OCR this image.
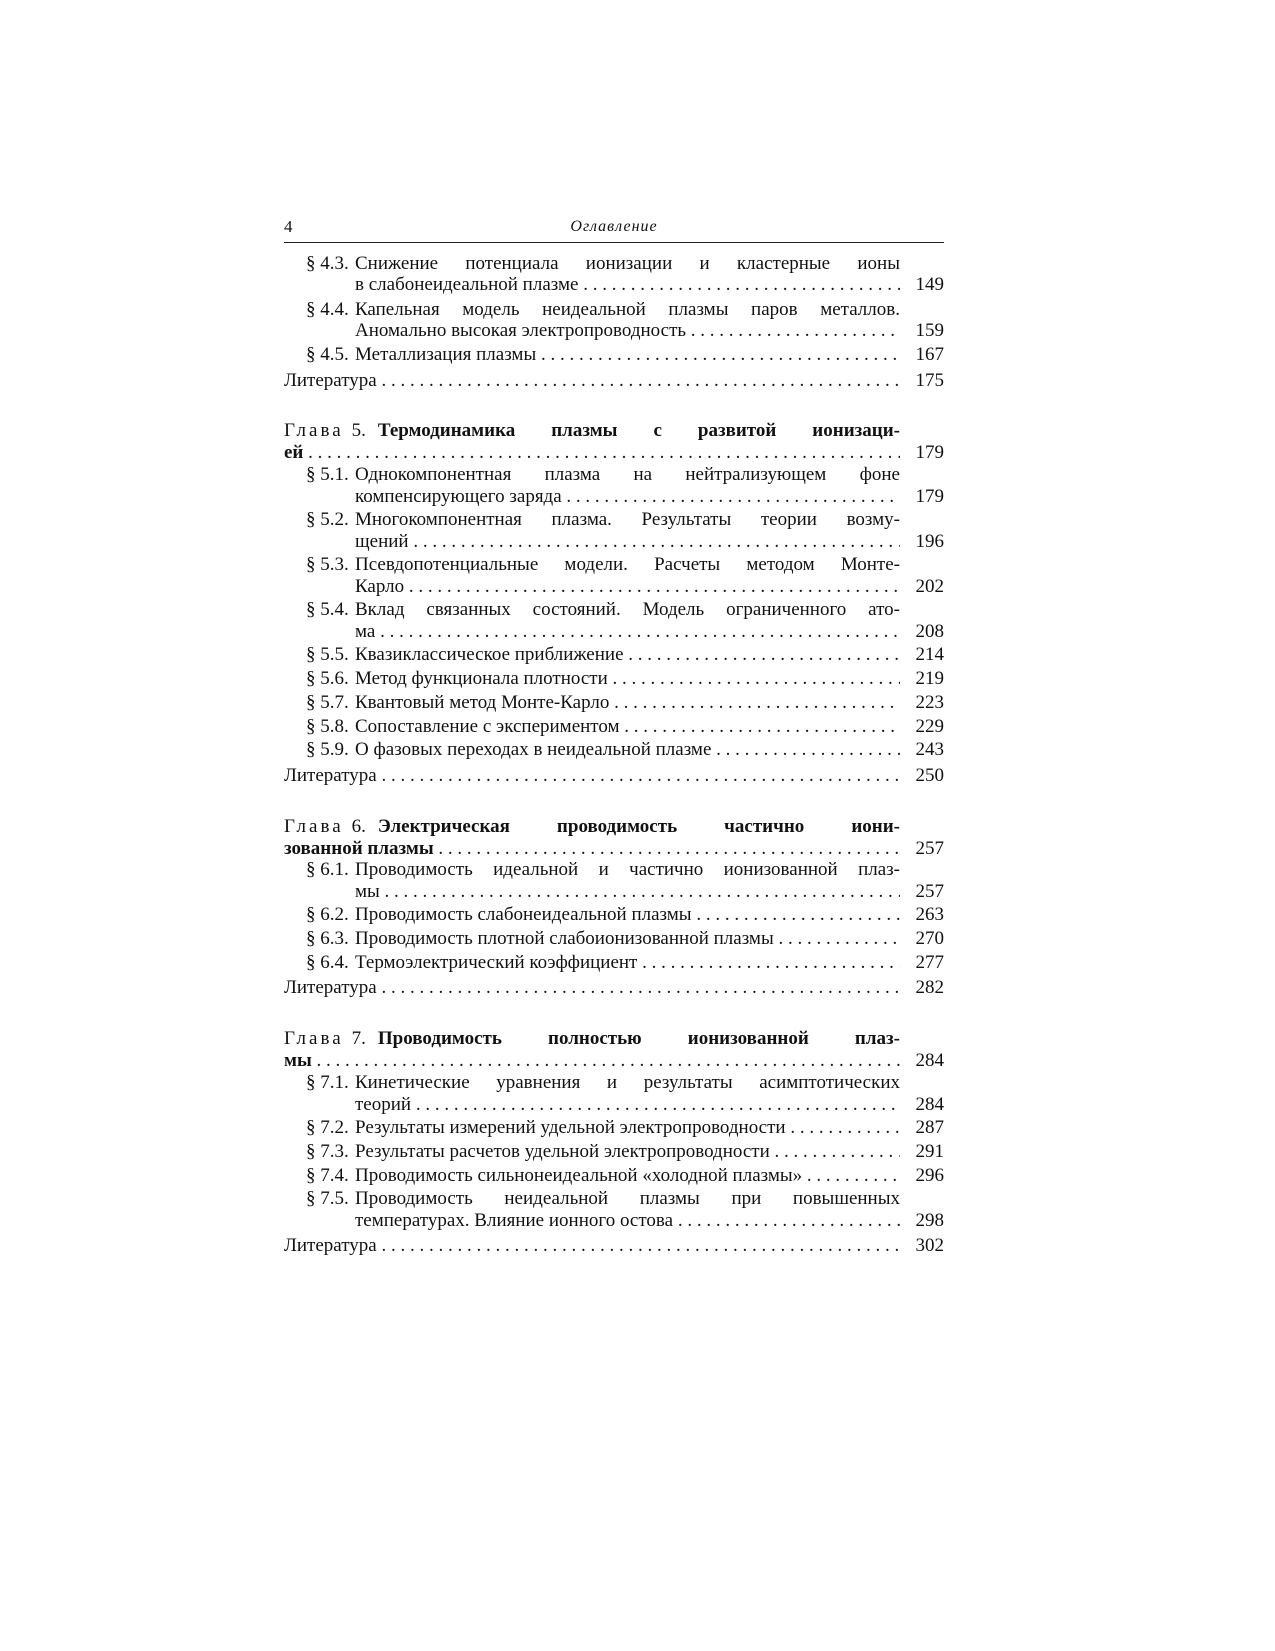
4	Оглавление
§ 4.3. Снижение потенциала ионизации и кластерные ионы
в слабонеидеальной плазме . . .	149
§ 4.4. Капельная модель неидеальной плазмы паров металлов.
Аномально высокая электропроводность . . .	159
§ 4.5. Металлизация плазмы . . .	167
Литература . . .	175
Глава 5. Термодинамика плазмы с развитой ионизаци-
ей . . .	179
§ 5.1. Однокомпонентная плазма на нейтрализующем фоне
компенсирующего заряда . . .	179
§ 5.2. Многокомпонентная плазма. Результаты теории возму-
щений . . .	196
§ 5.3. Псевдопотенциальные модели. Расчеты методом Монте-
Карло . . .	202
§ 5.4. Вклад связанных состояний. Модель ограниченного ато-
ма . . .	208
§ 5.5. Квазиклассическое приближение . . .	214
§ 5.6. Метод функционала плотности . . .	219
§ 5.7. Квантовый метод Монте-Карло . . .	223
§ 5.8. Сопоставление с экспериментом . . .	229
§ 5.9. О фазовых переходах в неидеальной плазме . . .	243
Литература . . .	250
Глава 6. Электрическая проводимость частично иони-
зованной плазмы . . .	257
§ 6.1. Проводимость идеальной и частично ионизованной плаз-
мы . . .	257
§ 6.2. Проводимость слабонеидеальной плазмы . . .	263
§ 6.3. Проводимость плотной слабоионизованной плазмы . . .	270
§ 6.4. Термоэлектрический коэффициент . . .	277
Литература . . .	282
Глава 7. Проводимость полностью ионизованной плаз-
мы . . .	284
§ 7.1. Кинетические уравнения и результаты асимптотических
теорий . . .	284
§ 7.2. Результаты измерений удельной электропроводности . . .	287
§ 7.3. Результаты расчетов удельной электропроводности . . .	291
§ 7.4. Проводимость сильнонеидеальной «холодной плазмы» . . .	296
§ 7.5. Проводимость неидеальной плазмы при повышенных
температурах. Влияние ионного остова . . .	298
Литература . . .	302
